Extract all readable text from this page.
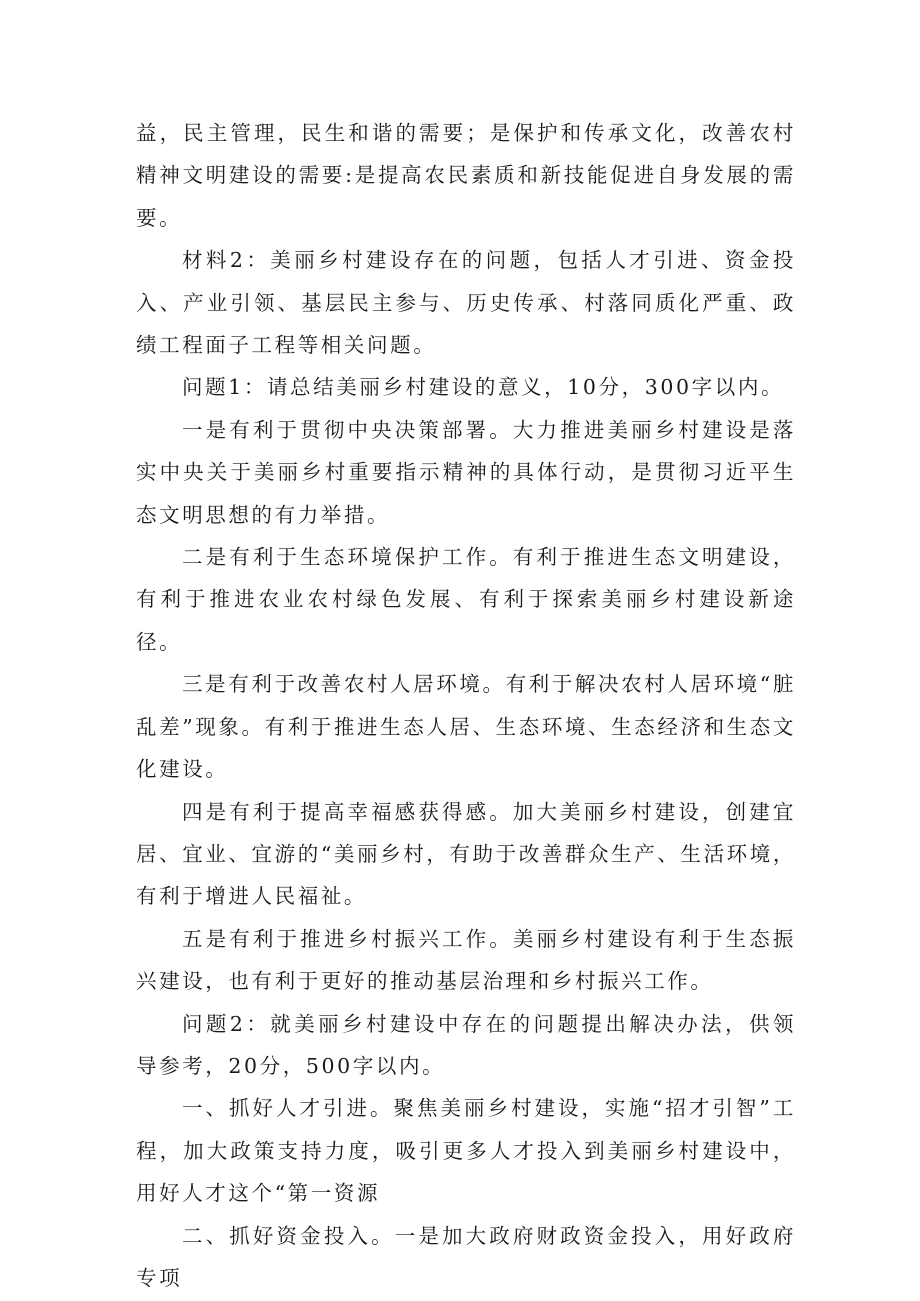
益，民主管理，民生和谐的需要；是保护和传承文化，改善农村精神文明建设的需要:是提高农民素质和新技能促进自身发展的需要。

材料2：美丽乡村建设存在的问题，包括人才引进、资金投入、产业引领、基层民主参与、历史传承、村落同质化严重、政绩工程面子工程等相关问题。

问题1：请总结美丽乡村建设的意义，10分，300字以内。

一是有利于贯彻中央决策部署。大力推进美丽乡村建设是落实中央关于美丽乡村重要指示精神的具体行动，是贯彻习近平生态文明思想的有力举措。

二是有利于生态环境保护工作。有利于推进生态文明建设，有利于推进农业农村绿色发展、有利于探索美丽乡村建设新途径。

三是有利于改善农村人居环境。有利于解决农村人居环境“脏乱差”现象。有利于推进生态人居、生态环境、生态经济和生态文化建设。

四是有利于提高幸福感获得感。加大美丽乡村建设，创建宜居、宜业、宜游的“美丽乡村，有助于改善群众生产、生活环境，有利于增进人民福祉。

五是有利于推进乡村振兴工作。美丽乡村建设有利于生态振兴建设，也有利于更好的推动基层治理和乡村振兴工作。

问题2：就美丽乡村建设中存在的问题提出解决办法，供领导参考，20分，500字以内。

一、抓好人才引进。聚焦美丽乡村建设，实施“招才引智”工程，加大政策支持力度，吸引更多人才投入到美丽乡村建设中，用好人才这个“第一资源

二、抓好资金投入。一是加大政府财政资金投入，用好政府专项
